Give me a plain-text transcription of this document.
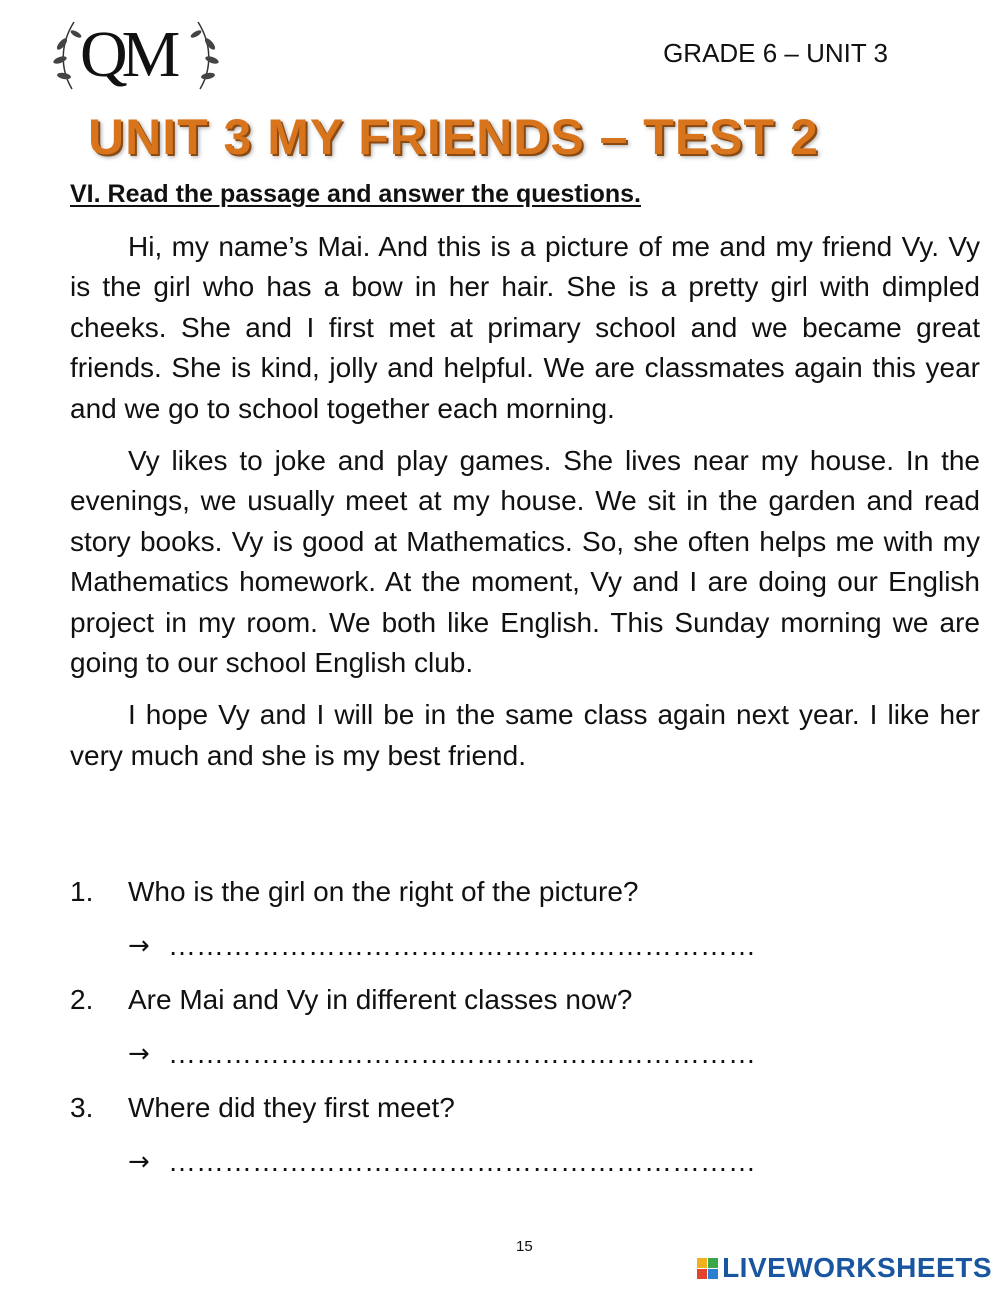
QM	GRADE 6 – UNIT 3
UNIT 3 MY FRIENDS – TEST 2
VI. Read the passage and answer the questions.

Hi, my name’s Mai. And this is a picture of me and my friend Vy. Vy is the girl who has a bow in her hair. She is a pretty girl with dimpled cheeks. She and I first met at primary school and we became great friends. She is kind, jolly and helpful. We are classmates again this year and we go to school together each morning.

Vy likes to joke and play games. She lives near my house. In the evenings, we usually meet at my house. We sit in the garden and read story books. Vy is good at Mathematics. So, she often helps me with my Mathematics homework. At the moment, Vy and I are doing our English project in my room. We both like English. This Sunday morning we are going to our school English club.

I hope Vy and I will be in the same class again next year. I like her very much and she is my best friend.

1.	Who is the girl on the right of the picture?
→ ………………………………………………………
2.	Are Mai and Vy in different classes now?
→ ………………………………………………………
3.	Where did they first meet?
→ ………………………………………………………
15
LIVEWORKSHEETS
